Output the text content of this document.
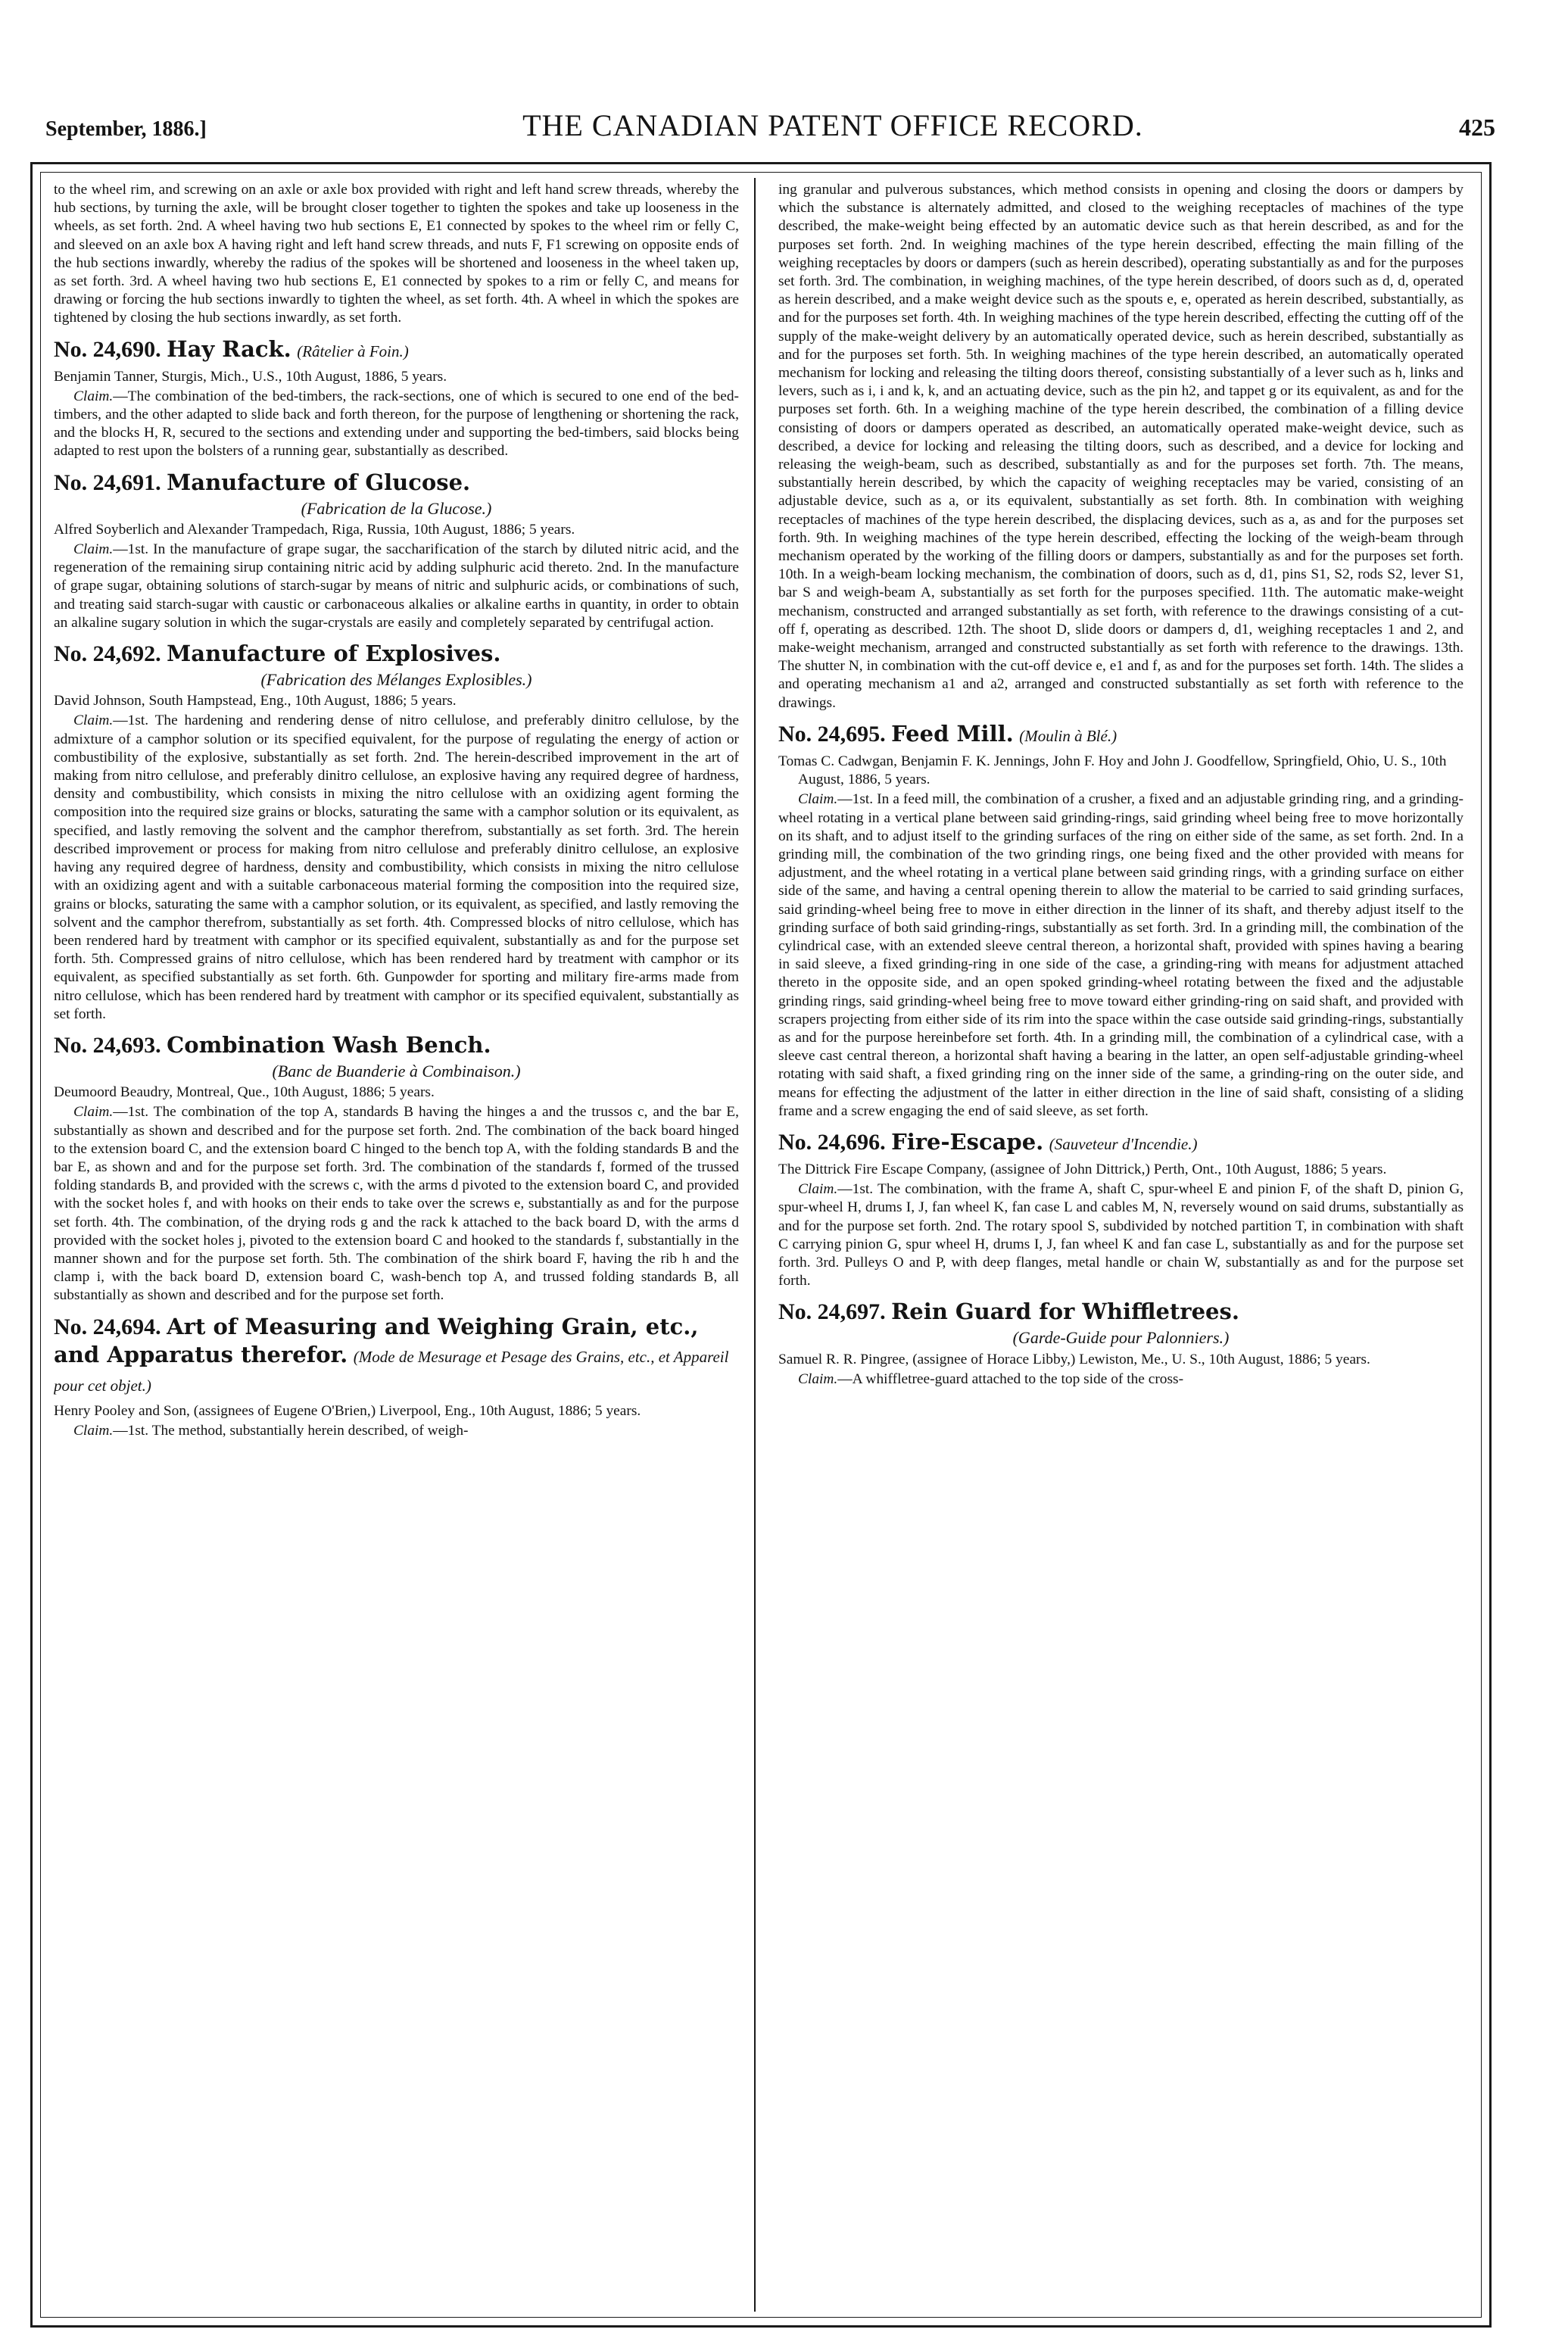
September, 1886.]	THE CANADIAN PATENT OFFICE RECORD.	425

to the wheel rim, and screwing on an axle or axle box provided with right and left hand screw threads, whereby the hub sections, by turning the axle, will be brought closer together to tighten the spokes and take up looseness in the wheels, as set forth. 2nd. A wheel having two hub sections E, E1 connected by spokes to the wheel rim or felly C, and sleeved on an axle box A having right and left hand screw threads, and nuts F, F1 screwing on opposite ends of the hub sections inwardly, whereby the radius of the spokes will be shortened and looseness in the wheel taken up, as set forth. 3rd. A wheel having two hub sections E, E1 connected by spokes to a rim or felly C, and means for drawing or forcing the hub sections inwardly to tighten the wheel, as set forth. 4th. A wheel in which the spokes are tightened by closing the hub sections inwardly, as set forth.

No. 24,690. Hay Rack. (Râtelier à Foin.)

Benjamin Tanner, Sturgis, Mich., U.S., 10th August, 1886, 5 years.

Claim.—The combination of the bed-timbers, the rack-sections, one of which is secured to one end of the bed-timbers, and the other adapted to slide back and forth thereon, for the purpose of lengthening or shortening the rack, and the blocks H, R, secured to the sections and extending under and supporting the bed-timbers, said blocks being adapted to rest upon the bolsters of a running gear, substantially as described.

No. 24,691. Manufacture of Glucose.
(Fabrication de la Glucose.)

Alfred Soyberlich and Alexander Trampedach, Riga, Russia, 10th August, 1886; 5 years.

Claim.—1st. In the manufacture of grape sugar, the saccharification of the starch by diluted nitric acid, and the regeneration of the remaining sirup containing nitric acid by adding sulphuric acid thereto. 2nd. In the manufacture of grape sugar, obtaining solutions of starch-sugar by means of nitric and sulphuric acids, or combinations of such, and treating said starch-sugar with caustic or carbonaceous alkalies or alkaline earths in quantity, in order to obtain an alkaline sugary solution in which the sugar-crystals are easily and completely separated by centrifugal action.

No. 24,692. Manufacture of Explosives.
(Fabrication des Mélanges Explosibles.)

David Johnson, South Hampstead, Eng., 10th August, 1886; 5 years.

Claim.—1st. The hardening and rendering dense of nitro cellulose, and preferably dinitro cellulose, by the admixture of a camphor solution or its specified equivalent, for the purpose of regulating the energy of action or combustibility of the explosive, substantially as set forth. 2nd. The herein-described improvement in the art of making from nitro cellulose, and preferably dinitro cellulose, an explosive having any required degree of hardness, density and combustibility, which consists in mixing the nitro cellulose with an oxidizing agent forming the composition into the required size grains or blocks, saturating the same with a camphor solution or its equivalent, as specified, and lastly removing the solvent and the camphor therefrom, substantially as set forth. 3rd. The herein described improvement or process for making from nitro cellulose and preferably dinitro cellulose, an explosive having any required degree of hardness, density and combustibility, which consists in mixing the nitro cellulose with an oxidizing agent and with a suitable carbonaceous material forming the composition into the required size, grains or blocks, saturating the same with a camphor solution, or its equivalent, as specified, and lastly removing the solvent and the camphor therefrom, substantially as set forth. 4th. Compressed blocks of nitro cellulose, which has been rendered hard by treatment with camphor or its specified equivalent, substantially as and for the purpose set forth. 5th. Compressed grains of nitro cellulose, which has been rendered hard by treatment with camphor or its equivalent, as specified substantially as set forth. 6th. Gunpowder for sporting and military fire-arms made from nitro cellulose, which has been rendered hard by treatment with camphor or its specified equivalent, substantially as set forth.

No. 24,693. Combination Wash Bench.
(Banc de Buanderie à Combinaison.)

Deumoord Beaudry, Montreal, Que., 10th August, 1886; 5 years.

Claim.—1st. The combination of the top A, standards B having the hinges a and the trussos c, and the bar E, substantially as shown and described and for the purpose set forth. 2nd. The combination of the back board hinged to the extension board C, and the extension board C hinged to the bench top A, with the folding standards B and the bar E, as shown and and for the purpose set forth. 3rd. The combination of the standards f, formed of the trussed folding standards B, and provided with the screws c, with the arms d pivoted to the extension board C, and provided with the socket holes f, and with hooks on their ends to take over the screws e, substantially as and for the purpose set forth. 4th. The combination, of the drying rods g and the rack k attached to the back board D, with the arms d provided with the socket holes j, pivoted to the extension board C and hooked to the standards f, substantially in the manner shown and for the purpose set forth. 5th. The combination of the shirk board F, having the rib h and the clamp i, with the back board D, extension board C, wash-bench top A, and trussed folding standards B, all substantially as shown and described and for the purpose set forth.

No. 24,694. Art of Measuring and Weighing Grain, etc., and Apparatus therefor. (Mode de Mesurage et Pesage des Grains, etc., et Appareil pour cet objet.)

Henry Pooley and Son, (assignees of Eugene O'Brien,) Liverpool, Eng., 10th August, 1886; 5 years.

Claim.—1st. The method, substantially herein described, of weigh-

ing granular and pulverous substances, which method consists in opening and closing the doors or dampers by which the substance is alternately admitted, and closed to the weighing receptacles of machines of the type described, the make-weight being effected by an automatic device such as that herein described, as and for the purposes set forth. 2nd. In weighing machines of the type herein described, effecting the main filling of the weighing receptacles by doors or dampers (such as herein described), operating substantially as and for the purposes set forth. 3rd. The combination, in weighing machines, of the type herein described, of doors such as d, d, operated as herein described, and a make weight device such as the spouts e, e, operated as herein described, substantially, as and for the purposes set forth. 4th. In weighing machines of the type herein described, effecting the cutting off of the supply of the make-weight delivery by an automatically operated device, such as herein described, substantially as and for the purposes set forth. 5th. In weighing machines of the type herein described, an automatically operated mechanism for locking and releasing the tilting doors thereof, consisting substantially of a lever such as h, links and levers, such as i, i and k, k, and an actuating device, such as the pin h2, and tappet g or its equivalent, as and for the purposes set forth. 6th. In a weighing machine of the type herein described, the combination of a filling device consisting of doors or dampers operated as described, an automatically operated make-weight device, such as described, a device for locking and releasing the tilting doors, such as described, and a device for locking and releasing the weigh-beam, such as described, substantially as and for the purposes set forth. 7th. The means, substantially herein described, by which the capacity of weighing receptacles may be varied, consisting of an adjustable device, such as a, or its equivalent, substantially as set forth. 8th. In combination with weighing receptacles of machines of the type herein described, the displacing devices, such as a, as and for the purposes set forth. 9th. In weighing machines of the type herein described, effecting the locking of the weigh-beam through mechanism operated by the working of the filling doors or dampers, substantially as and for the purposes set forth. 10th. In a weigh-beam locking mechanism, the combination of doors, such as d, d1, pins S1, S2, rods S2, lever S1, bar S and weigh-beam A, substantially as set forth for the purposes specified. 11th. The automatic make-weight mechanism, constructed and arranged substantially as set forth, with reference to the drawings consisting of a cut-off f, operating as described. 12th. The shoot D, slide doors or dampers d, d1, weighing receptacles 1 and 2, and make-weight mechanism, arranged and constructed substantially as set forth with reference to the drawings. 13th. The shutter N, in combination with the cut-off device e, e1 and f, as and for the purposes set forth. 14th. The slides a and operating mechanism a1 and a2, arranged and constructed substantially as set forth with reference to the drawings.

No. 24,695. Feed Mill. (Moulin à Blé.)

Tomas C. Cadwgan, Benjamin F. K. Jennings, John F. Hoy and John J. Goodfellow, Springfield, Ohio, U. S., 10th August, 1886, 5 years.

Claim.—1st. In a feed mill, the combination of a crusher, a fixed and an adjustable grinding ring, and a grinding-wheel rotating in a vertical plane between said grinding-rings, said grinding wheel being free to move horizontally on its shaft, and to adjust itself to the grinding surfaces of the ring on either side of the same, as set forth. 2nd. In a grinding mill, the combination of the two grinding rings, one being fixed and the other provided with means for adjustment, and the wheel rotating in a vertical plane between said grinding rings, with a grinding surface on either side of the same, and having a central opening therein to allow the material to be carried to said grinding surfaces, said grinding-wheel being free to move in either direction in the linner of its shaft, and thereby adjust itself to the grinding surface of both said grinding-rings, substantially as set forth. 3rd. In a grinding mill, the combination of the cylindrical case, with an extended sleeve central thereon, a horizontal shaft, provided with spines having a bearing in said sleeve, a fixed grinding-ring in one side of the case, a grinding-ring with means for adjustment attached thereto in the opposite side, and an open spoked grinding-wheel rotating between the fixed and the adjustable grinding rings, said grinding-wheel being free to move toward either grinding-ring on said shaft, and provided with scrapers projecting from either side of its rim into the space within the case outside said grinding-rings, substantially as and for the purpose hereinbefore set forth. 4th. In a grinding mill, the combination of a cylindrical case, with a sleeve cast central thereon, a horizontal shaft having a bearing in the latter, an open self-adjustable grinding-wheel rotating with said shaft, a fixed grinding ring on the inner side of the same, a grinding-ring on the outer side, and means for effecting the adjustment of the latter in either direction in the line of said shaft, consisting of a sliding frame and a screw engaging the end of said sleeve, as set forth.

No. 24,696. Fire-Escape. (Sauveteur d'Incendie.)

The Dittrick Fire Escape Company, (assignee of John Dittrick,) Perth, Ont., 10th August, 1886; 5 years.

Claim.—1st. The combination, with the frame A, shaft C, spur-wheel E and pinion F, of the shaft D, pinion G, spur-wheel H, drums I, J, fan wheel K, fan case L and cables M, N, reversely wound on said drums, substantially as and for the purpose set forth. 2nd. The rotary spool S, subdivided by notched partition T, in combination with shaft C carrying pinion G, spur wheel H, drums I, J, fan wheel K and fan case L, substantially as and for the purpose set forth. 3rd. Pulleys O and P, with deep flanges, metal handle or chain W, substantially as and for the purpose set forth.

No. 24,697. Rein Guard for Whiffletrees.
(Garde-Guide pour Palonniers.)

Samuel R. R. Pingree, (assignee of Horace Libby,) Lewiston, Me., U. S., 10th August, 1886; 5 years.

Claim.—A whiffletree-guard attached to the top side of the cross-
